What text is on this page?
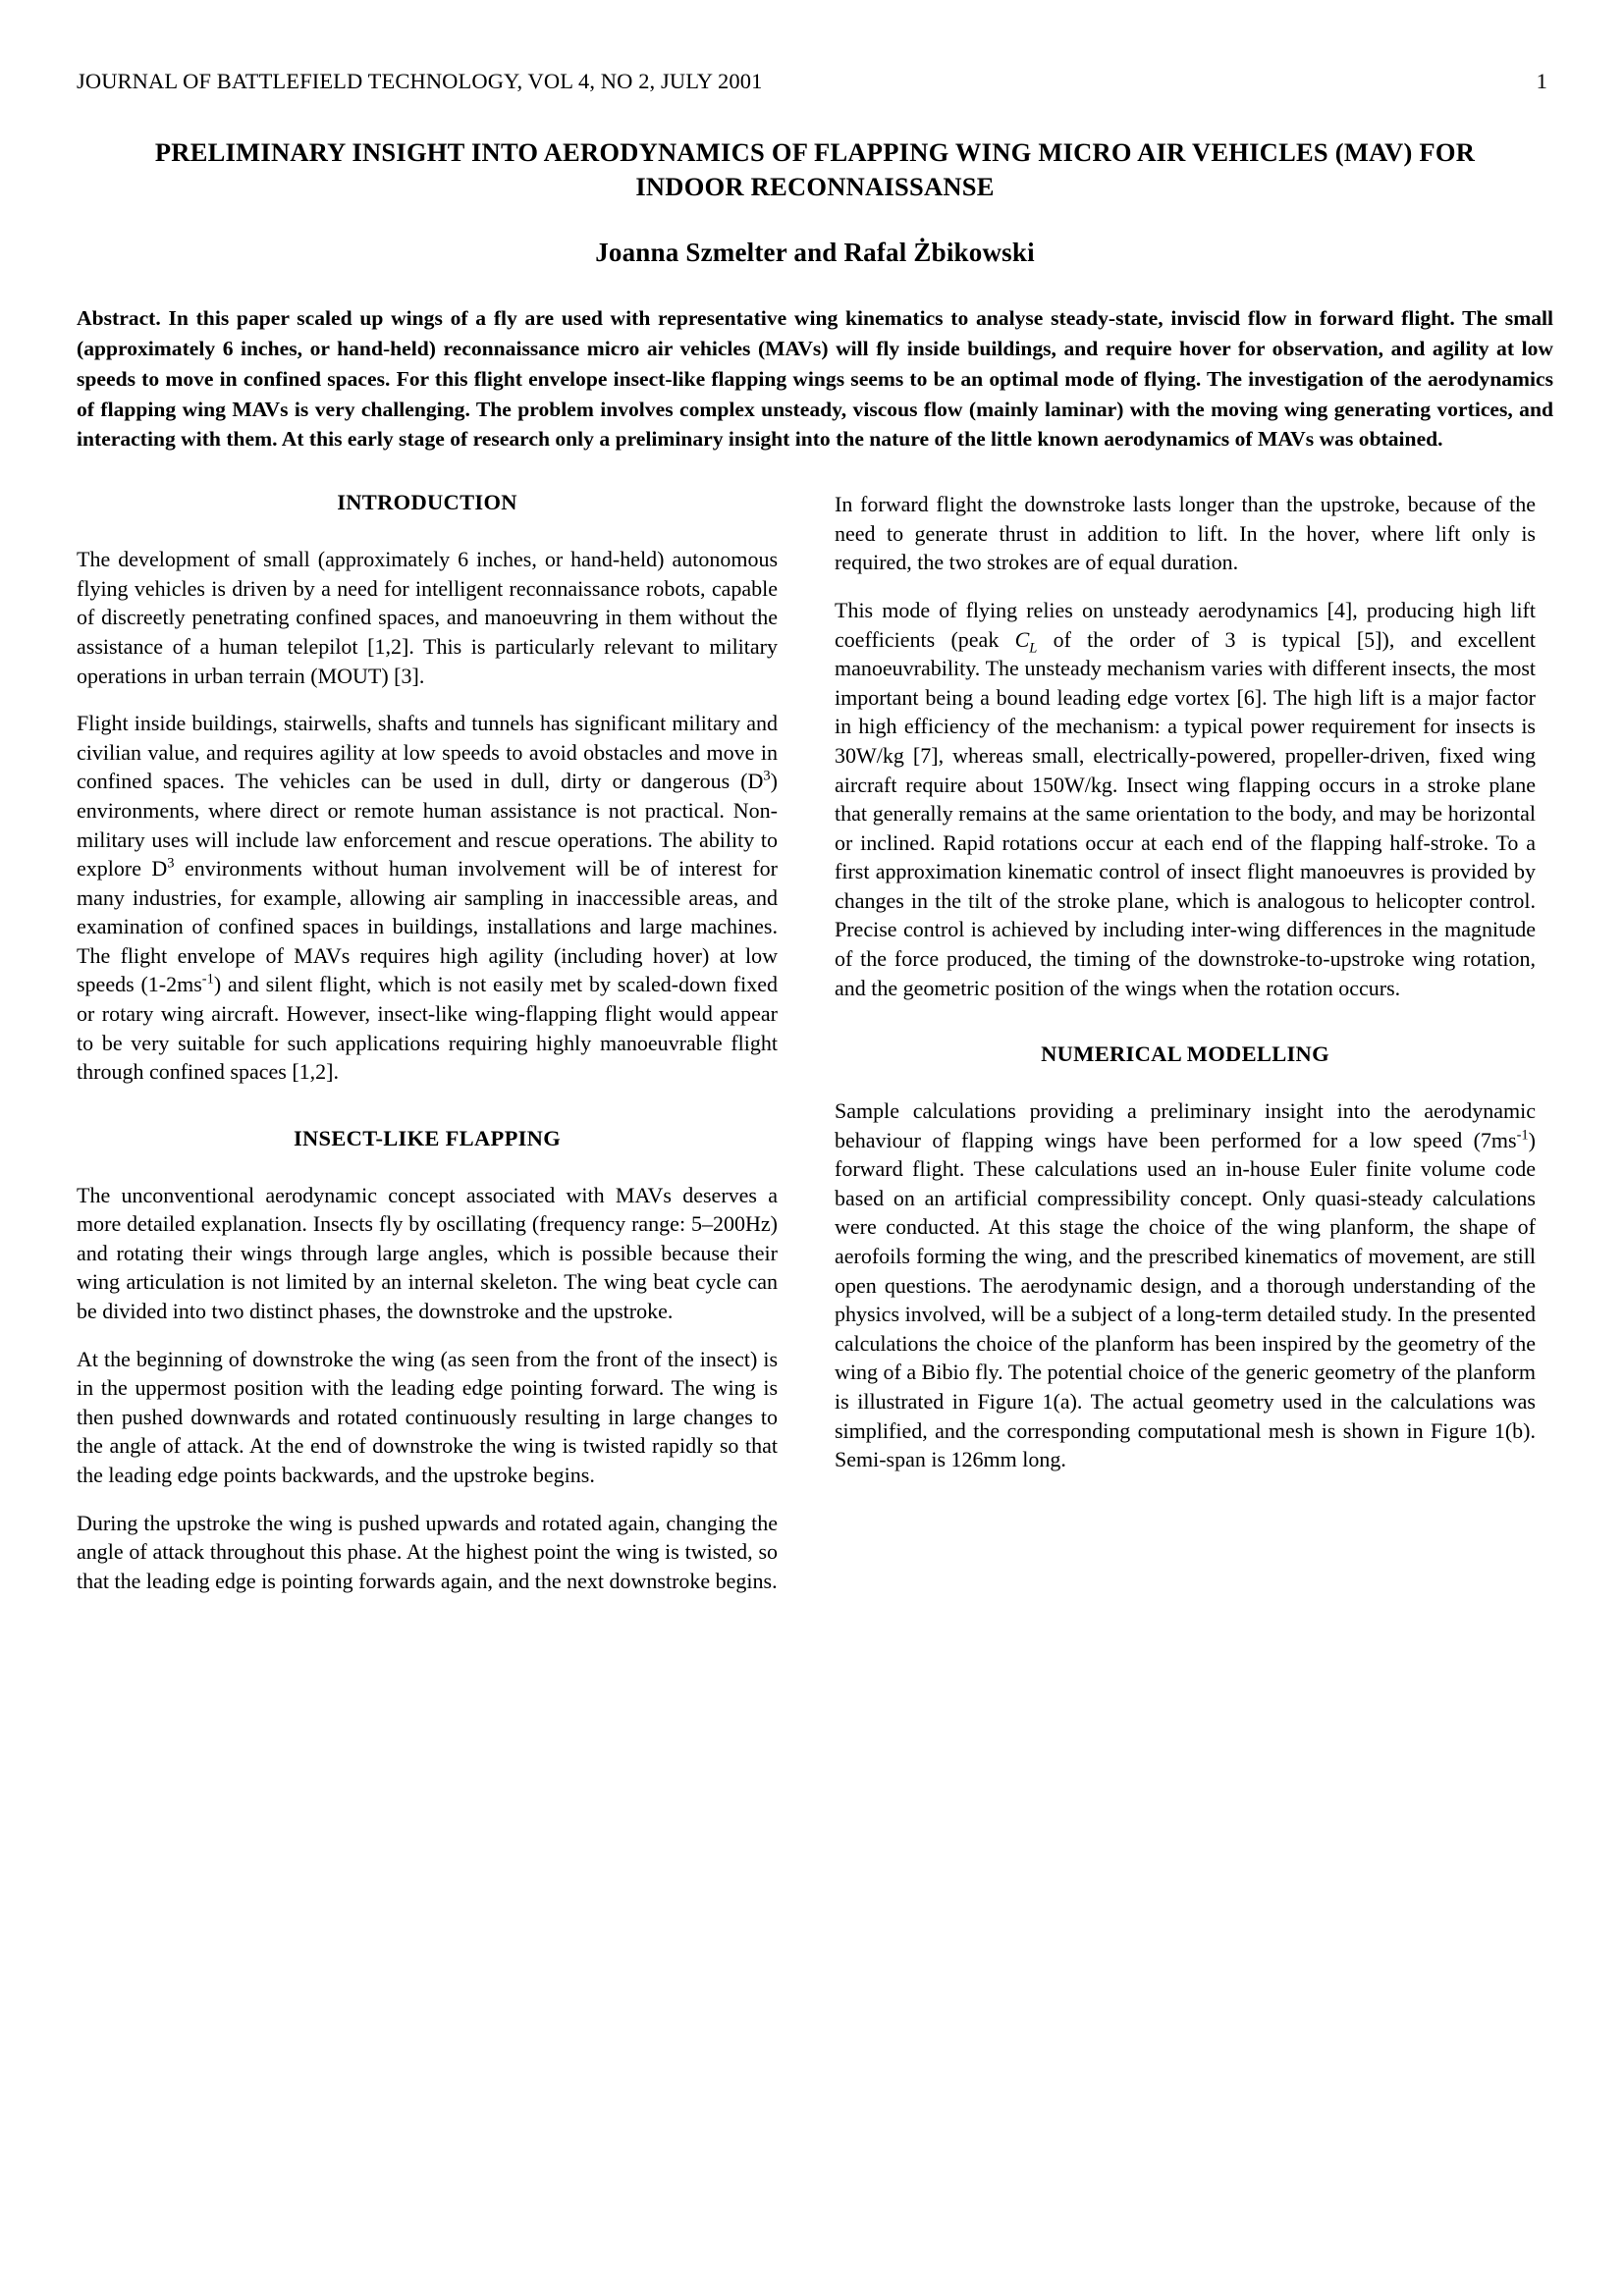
JOURNAL OF BATTLEFIELD TECHNOLOGY, VOL 4, NO 2, JULY 2001	1
PRELIMINARY INSIGHT INTO AERODYNAMICS OF FLAPPING WING MICRO AIR VEHICLES (MAV) FOR INDOOR RECONNAISSANSE
Joanna Szmelter and Rafal Żbikowski
Abstract. In this paper scaled up wings of a fly are used with representative wing kinematics to analyse steady-state, inviscid flow in forward flight. The small (approximately 6 inches, or hand-held) reconnaissance micro air vehicles (MAVs) will fly inside buildings, and require hover for observation, and agility at low speeds to move in confined spaces. For this flight envelope insect-like flapping wings seems to be an optimal mode of flying. The investigation of the aerodynamics of flapping wing MAVs is very challenging. The problem involves complex unsteady, viscous flow (mainly laminar) with the moving wing generating vortices, and interacting with them. At this early stage of research only a preliminary insight into the nature of the little known aerodynamics of MAVs was obtained.
INTRODUCTION

The development of small (approximately 6 inches, or hand-held) autonomous flying vehicles is driven by a need for intelligent reconnaissance robots, capable of discreetly penetrating confined spaces, and manoeuvring in them without the assistance of a human telepilot [1,2]. This is particularly relevant to military operations in urban terrain (MOUT) [3].

Flight inside buildings, stairwells, shafts and tunnels has significant military and civilian value, and requires agility at low speeds to avoid obstacles and move in confined spaces. The vehicles can be used in dull, dirty or dangerous $(D^3)$ environments, where direct or remote human assistance is not practical. Non-military uses will include law enforcement and rescue operations. The ability to explore $D^3$ environments without human involvement will be of interest for many industries, for example, allowing air sampling in inaccessible areas, and examination of confined spaces in buildings, installations and large machines. The flight envelope of MAVs requires high agility (including hover) at low speeds $(1-2ms^{-1})$ and silent flight, which is not easily met by scaled-down fixed or rotary wing aircraft. However, insect-like wing-flapping flight would appear to be very suitable for such applications requiring highly manoeuvrable flight through confined spaces [1,2].

INSECT-LIKE FLAPPING

The unconventional aerodynamic concept associated with MAVs deserves a more detailed explanation. Insects fly by oscillating (frequency range: 5–200Hz) and rotating their wings through large angles, which is possible because their wing articulation is not limited by an internal skeleton. The wing beat cycle can be divided into two distinct phases, the downstroke and the upstroke.

At the beginning of downstroke the wing (as seen from the front of the insect) is in the uppermost position with the leading edge pointing forward. The wing is then pushed downwards and rotated continuously resulting in large changes to the angle of attack. At the end of downstroke the wing is twisted rapidly so that the leading edge points backwards, and the upstroke begins.

During the upstroke the wing is pushed upwards and rotated again, changing the angle of attack throughout this phase. At the highest point the wing is twisted, so that the leading edge is pointing forwards again, and the next downstroke begins.

In forward flight the downstroke lasts longer than the upstroke, because of the need to generate thrust in addition to lift. In the hover, where lift only is required, the two strokes are of equal duration.

This mode of flying relies on unsteady aerodynamics [4], producing high lift coefficients (peak $C_L$ of the order of 3 is typical [5]), and excellent manoeuvrability. The unsteady mechanism varies with different insects, the most important being a bound leading edge vortex [6]. The high lift is a major factor in high efficiency of the mechanism: a typical power requirement for insects is 30W/kg [7], whereas small, electrically-powered, propeller-driven, fixed wing aircraft require about 150W/kg. Insect wing flapping occurs in a stroke plane that generally remains at the same orientation to the body, and may be horizontal or inclined. Rapid rotations occur at each end of the flapping half-stroke. To a first approximation kinematic control of insect flight manoeuvres is provided by changes in the tilt of the stroke plane, which is analogous to helicopter control. Precise control is achieved by including inter-wing differences in the magnitude of the force produced, the timing of the downstroke-to-upstroke wing rotation, and the geometric position of the wings when the rotation occurs.

NUMERICAL MODELLING

Sample calculations providing a preliminary insight into the aerodynamic behaviour of flapping wings have been performed for a low speed $(7ms^{-1})$ forward flight. These calculations used an in-house Euler finite volume code based on an artificial compressibility concept. Only quasi-steady calculations were conducted. At this stage the choice of the wing planform, the shape of aerofoils forming the wing, and the prescribed kinematics of movement, are still open questions. The aerodynamic design, and a thorough understanding of the physics involved, will be a subject of a long-term detailed study. In the presented calculations the choice of the planform has been inspired by the geometry of the wing of a Bibio fly. The potential choice of the generic geometry of the planform is illustrated in Figure 1(a). The actual geometry used in the calculations was simplified, and the corresponding computational mesh is shown in Figure 1(b). Semi-span is 126mm long.
